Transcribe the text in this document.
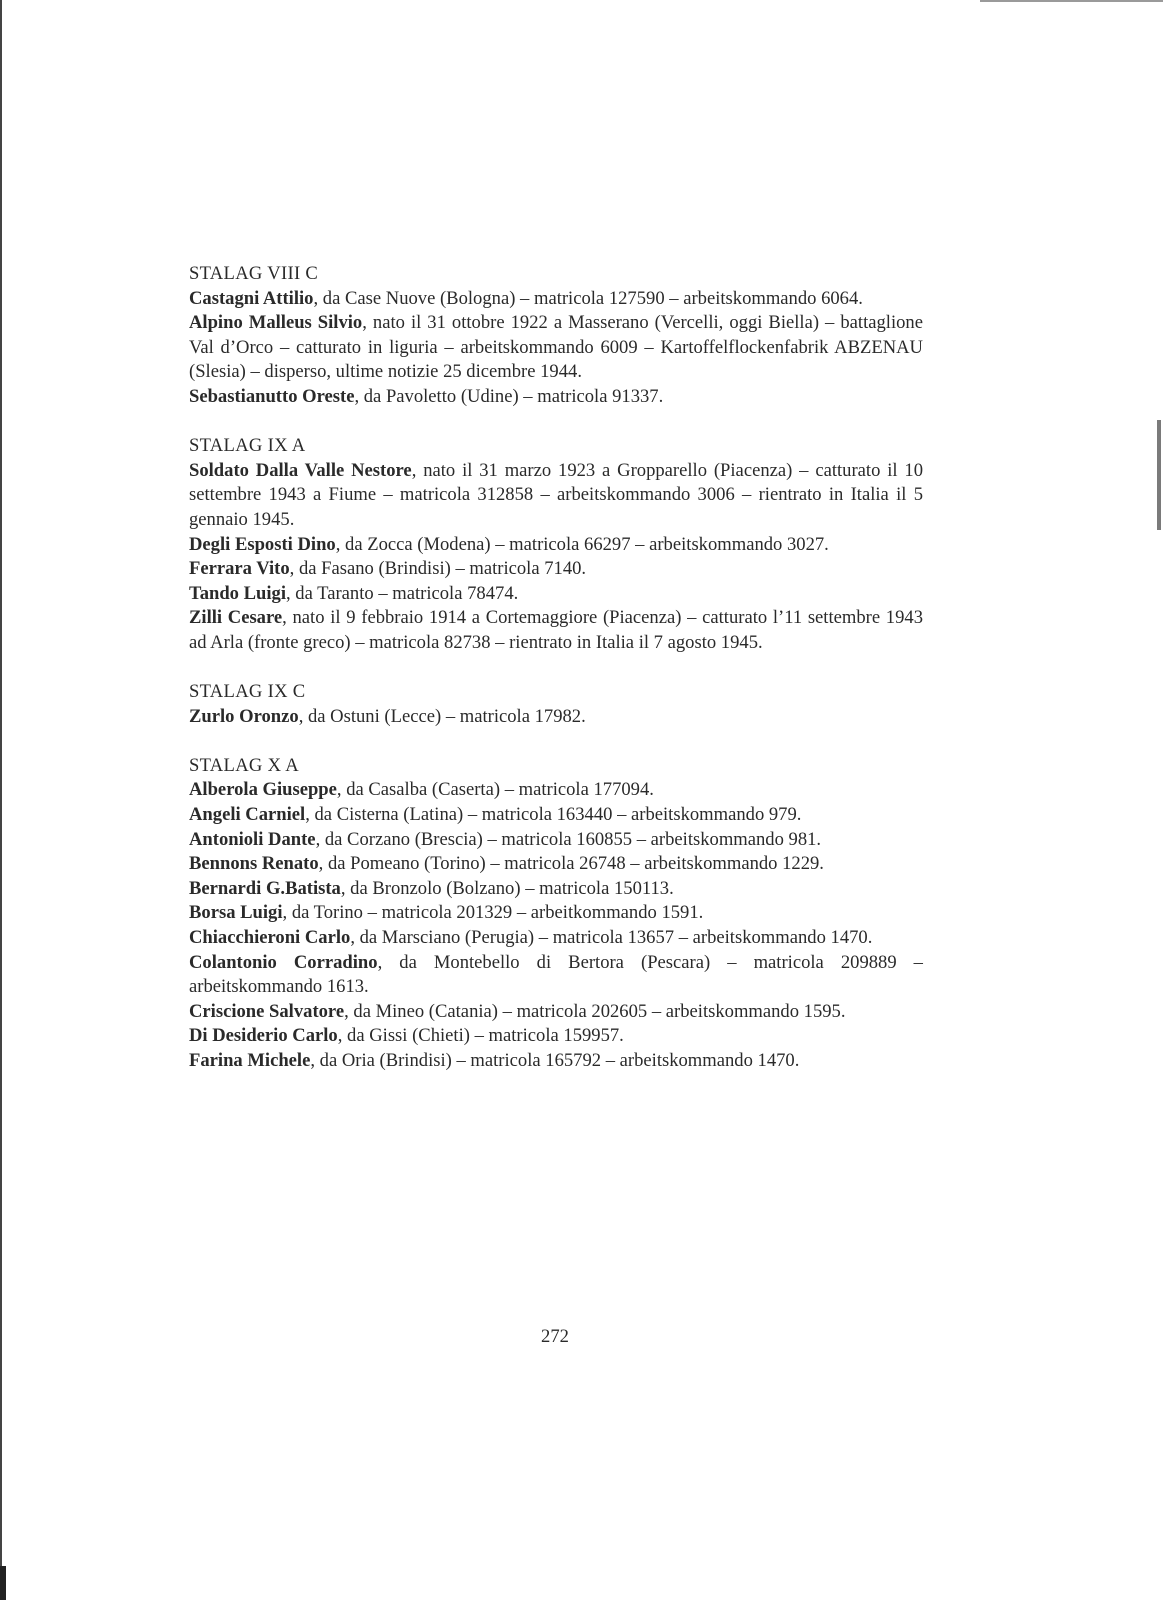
STALAG VIII C
Castagni Attilio, da Case Nuove (Bologna) – matricola 127590 – arbeitskommando 6064.
Alpino Malleus Silvio, nato il 31 ottobre 1922 a Masserano (Vercelli, oggi Biella) – battaglione Val d’Orco – catturato in liguria – arbeitskommando 6009 – Kartoffelflockenfabrik ABZENAU (Slesia) – disperso, ultime notizie 25 dicembre 1944.
Sebastianutto Oreste, da Pavoletto (Udine) – matricola 91337.
STALAG IX A
Soldato Dalla Valle Nestore, nato il 31 marzo 1923 a Gropparello (Piacenza) – catturato il 10 settembre 1943 a Fiume – matricola 312858 – arbeitskommando 3006 – rientrato in Italia il 5 gennaio 1945.
Degli Esposti Dino, da Zocca (Modena) – matricola 66297 – arbeitskommando 3027.
Ferrara Vito, da Fasano (Brindisi) – matricola 7140.
Tando Luigi, da Taranto – matricola 78474.
Zilli Cesare, nato il 9 febbraio 1914 a Cortemaggiore (Piacenza) – catturato l’11 settembre 1943 ad Arla (fronte greco) – matricola 82738 – rientrato in Italia il 7 agosto 1945.
STALAG IX C
Zurlo Oronzo, da Ostuni (Lecce) – matricola 17982.
STALAG X A
Alberola Giuseppe, da Casalba (Caserta) – matricola 177094.
Angeli Carniel, da Cisterna (Latina) – matricola 163440 – arbeitskommando 979.
Antonioli Dante, da Corzano (Brescia) – matricola 160855 – arbeitskommando 981.
Bennons Renato, da Pomeano (Torino) – matricola 26748 – arbeitskommando 1229.
Bernardi G.Batista, da Bronzolo (Bolzano) – matricola 150113.
Borsa Luigi, da Torino – matricola 201329 – arbeitkommando 1591.
Chiacchieroni Carlo, da Marsciano (Perugia) – matricola 13657 – arbeitskommando 1470.
Colantonio Corradino, da Montebello di Bertora (Pescara) – matricola 209889 – arbeitskommando 1613.
Criscione Salvatore, da Mineo (Catania) – matricola 202605 – arbeitskommando 1595.
Di Desiderio Carlo, da Gissi (Chieti) – matricola 159957.
Farina Michele, da Oria (Brindisi) – matricola 165792 – arbeitskommando 1470.
272
